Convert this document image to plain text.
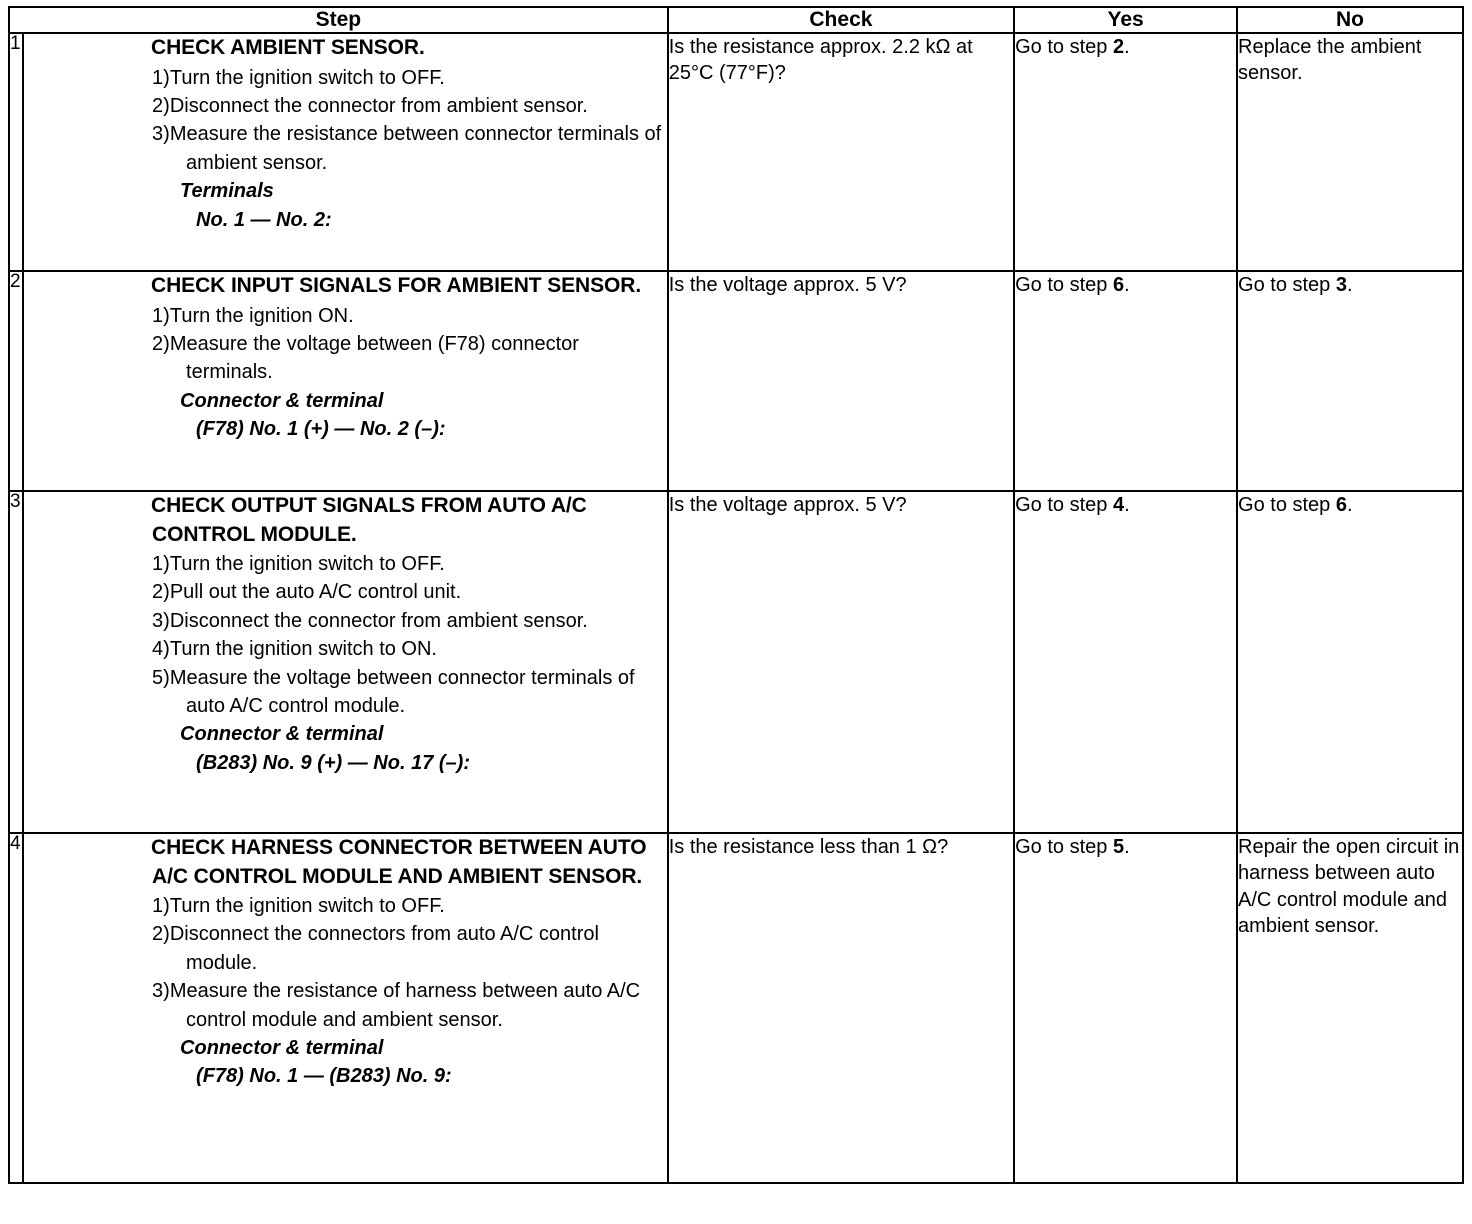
Step		Check	Yes	No
1	CHECK AMBIENT SENSOR.
1)Turn the ignition switch to OFF.
2)Disconnect the connector from ambient sensor.
3)Measure the resistance between connector terminals of ambient sensor.
Terminals
No. 1 — No. 2:
	Is the resistance approx. 2.2 kΩ at 25°C (77°F)?	Go to step 2.	Replace the ambient sensor.
2	CHECK INPUT SIGNALS FOR AMBIENT SENSOR.
1)Turn the ignition ON.
2)Measure the voltage between (F78) connector terminals.
Connector & terminal
(F78) No. 1 (+) — No. 2 (–):	Is the voltage approx. 5 V?	Go to step 6.	Go to step 3.
3	CHECK OUTPUT SIGNALS FROM AUTO A/C CONTROL MODULE.
1)Turn the ignition switch to OFF.
2)Pull out the auto A/C control unit.
3)Disconnect the connector from ambient sensor.
4)Turn the ignition switch to ON.
5)Measure the voltage between connector terminals of auto A/C control module.
Connector & terminal
(B283) No. 9 (+) — No. 17 (–):
	Is the voltage approx. 5 V?	Go to step 4.	Go to step 6.
4	CHECK HARNESS CONNECTOR BETWEEN AUTO A/C CONTROL MODULE AND AMBIENT SENSOR.
1)Turn the ignition switch to OFF.
2)Disconnect the connectors from auto A/C control module.
3)Measure the resistance of harness between auto A/C control module and ambient sensor.
Connector & terminal
(F78) No. 1 — (B283) No. 9:
	Is the resistance less than 1 Ω?	Go to step 5.	Repair the open circuit in harness between auto A/C control module and ambient sensor.
